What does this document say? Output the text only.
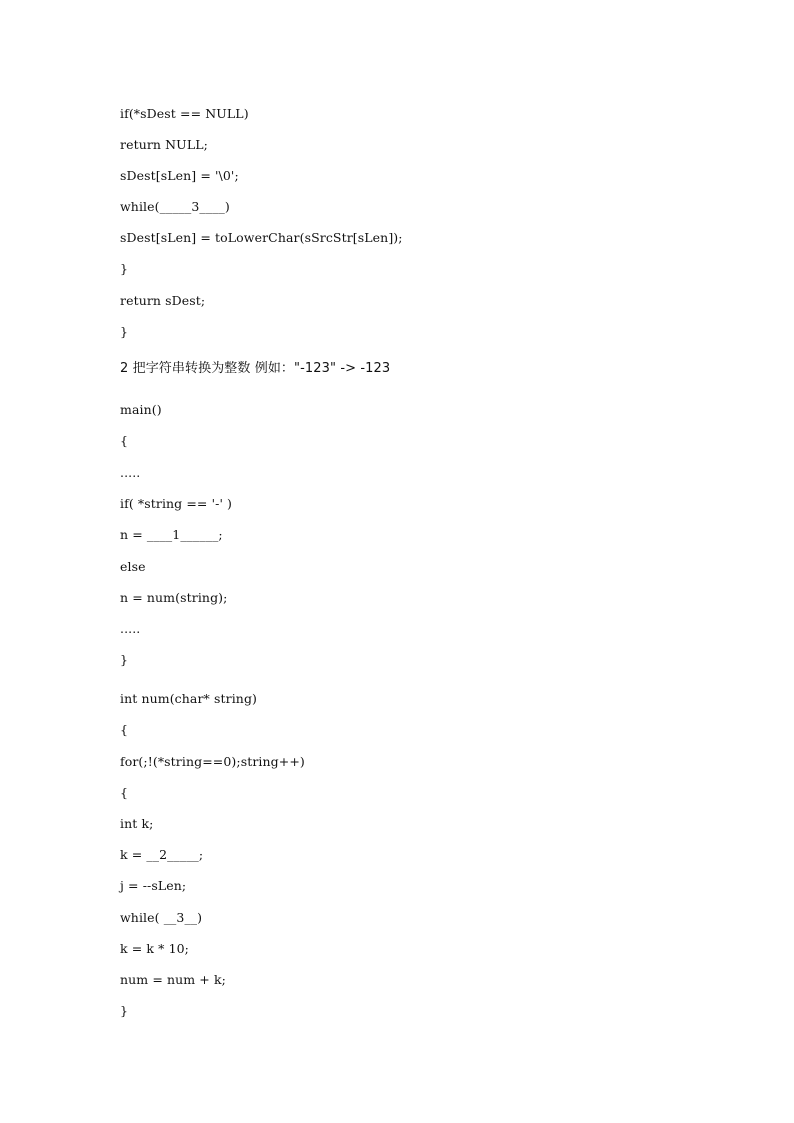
if(*sDest == NULL)
return NULL;
sDest[sLen] = '\0';
while(_____3____)
sDest[sLen] = toLowerChar(sSrcStr[sLen]);
}
return sDest;
}
2 把字符串转换为整数 例如："-123" -> -123
main()
{
.....
if( *string == '-' )
n = ____1______;
else
n = num(string);
.....
}
int num(char* string)
{
for(;!(*string==0);string++)
{
int k;
k = __2_____;
j = --sLen;
while( __3__)
k = k * 10;
num = num + k;
}
